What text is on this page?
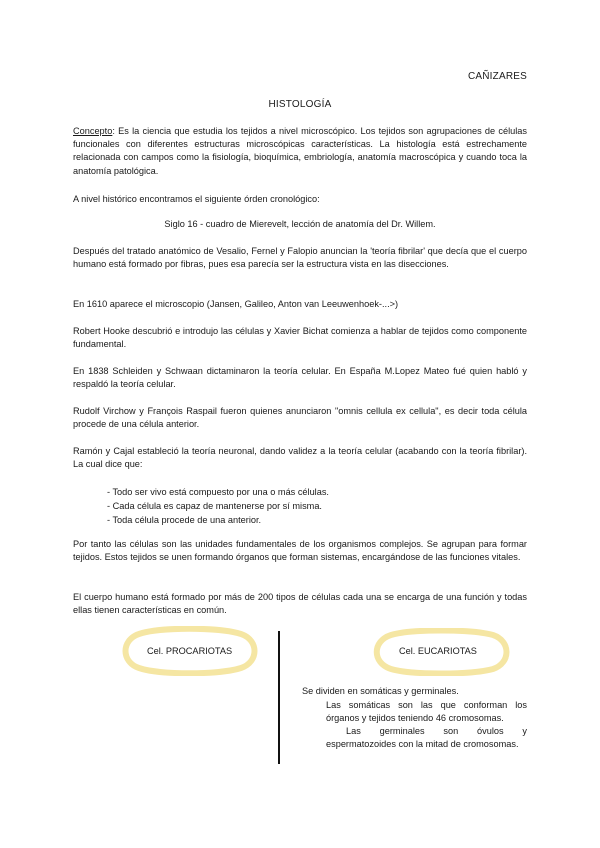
CAÑIZARES
HISTOLOGÍA
Concepto: Es la ciencia que estudia los tejidos a nivel microscópico. Los tejidos son agrupaciones de células funcionales con diferentes estructuras microscópicas características. La histología está estrechamente relacionada con campos como la fisiología, bioquímica, embriología, anatomía macroscópica y cuando toca la anatomía patológica.
A nivel histórico encontramos el siguiente órden cronológico:
Siglo 16 - cuadro de Mierevelt, lección de anatomía del Dr. Willem.
Después del tratado anatómico de Vesalio, Fernel y Falopio anuncian la 'teoría fibrilar' que decía que el cuerpo humano está formado por fibras, pues esa parecía ser la estructura vista en las disecciones.
En 1610 aparece el microscopio (Jansen, Galileo, Anton van Leeuwenhoek-...>)
Robert Hooke descubrió e introdujo las células y Xavier Bichat comienza a hablar de tejidos como componente fundamental.
En 1838 Schleiden y Schwaan dictaminaron la teoría celular. En España M.Lopez Mateo fué quien habló y respaldó la teoría celular.
Rudolf Virchow y François Raspail fueron quienes anunciaron "omnis cellula ex cellula", es decir toda célula procede de una célula anterior.
Ramón y Cajal estableció la teoría neuronal, dando validez a la teoría celular (acabando con la teoría fibrilar). La cual dice que:
- Todo ser vivo está compuesto por una o más células.
- Cada célula es capaz de mantenerse por sí misma.
- Toda célula procede de una anterior.
Por tanto las células son las unidades fundamentales de los organismos complejos. Se agrupan para formar tejidos. Estos tejidos se unen formando órganos que forman sistemas, encargándose de las funciones vitales.
El cuerpo humano está formado por más de 200 tipos de células cada una se encarga de una función y todas ellas tienen características en común.
Cel. PROCARIOTAS	Cel. EUCARIOTAS
Se dividen en somáticas y germinales.
Las somáticas son las que conforman los órganos y tejidos teniendo 46 cromosomas.
Las germinales son óvulos y espermatozoides con la mitad de cromosomas.
